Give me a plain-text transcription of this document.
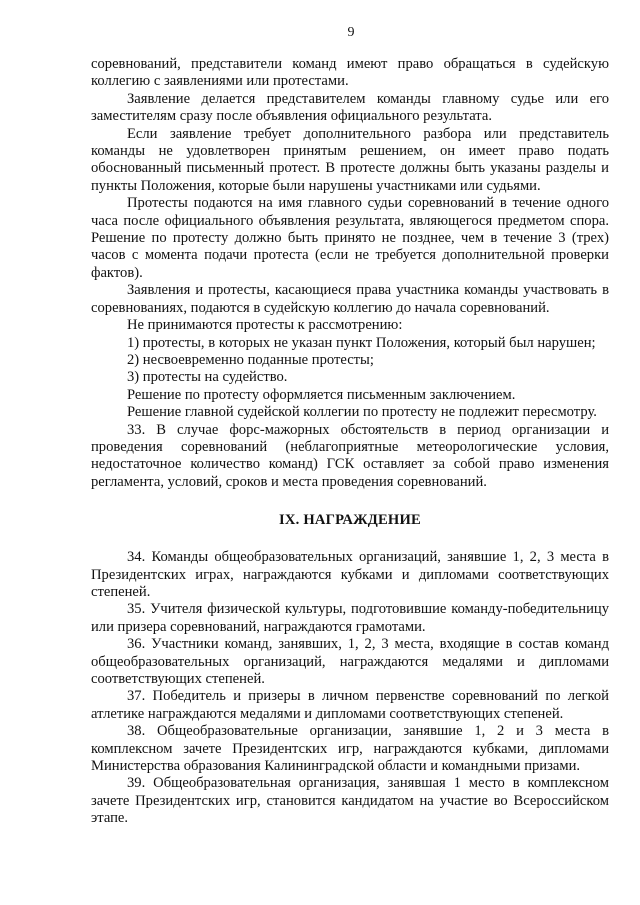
9

соревнований, представители команд имеют право обращаться в судейскую коллегию с заявлениями или протестами.

Заявление делается представителем команды главному судье или его заместителям сразу после объявления официального результата.

Если заявление требует дополнительного разбора или представитель команды не удовлетворен принятым решением, он имеет право подать обоснованный письменный протест. В протесте должны быть указаны разделы и пункты Положения, которые были нарушены участниками или судьями.

Протесты подаются на имя главного судьи соревнований в течение одного часа после официального объявления результата, являющегося предметом спора. Решение по протесту должно быть принято не позднее, чем в течение 3 (трех) часов с момента подачи протеста (если не требуется дополнительной проверки фактов).

Заявления и протесты, касающиеся права участника команды участвовать в соревнованиях, подаются в судейскую коллегию до начала соревнований.

Не принимаются протесты к рассмотрению:

1) протесты, в которых не указан пункт Положения, который был нарушен;

2) несвоевременно поданные протесты;

3) протесты на судейство.

Решение по протесту оформляется письменным заключением.

Решение главной судейской коллегии по протесту не подлежит пересмотру.

33. В случае форс-мажорных обстоятельств в период организации и проведения соревнований (неблагоприятные метеорологические условия, недостаточное количество команд) ГСК оставляет за собой право изменения регламента, условий, сроков и места проведения соревнований.

IX. НАГРАЖДЕНИЕ

34. Команды общеобразовательных организаций, занявшие 1, 2, 3 места в Президентских играх, награждаются кубками и дипломами соответствующих степеней.

35. Учителя физической культуры, подготовившие команду-победительницу или призера соревнований, награждаются грамотами.

36. Участники команд, занявших, 1, 2, 3 места, входящие в состав команд общеобразовательных организаций, награждаются медалями и дипломами соответствующих степеней.

37. Победитель и призеры в личном первенстве соревнований по легкой атлетике награждаются медалями и дипломами соответствующих степеней.

38. Общеобразовательные организации, занявшие 1, 2 и 3 места в комплексном зачете Президентских игр, награждаются кубками, дипломами Министерства образования Калининградской области и командными призами.

39. Общеобразовательная организация, занявшая 1 место в комплексном зачете Президентских игр, становится кандидатом на участие во Всероссийском этапе.
